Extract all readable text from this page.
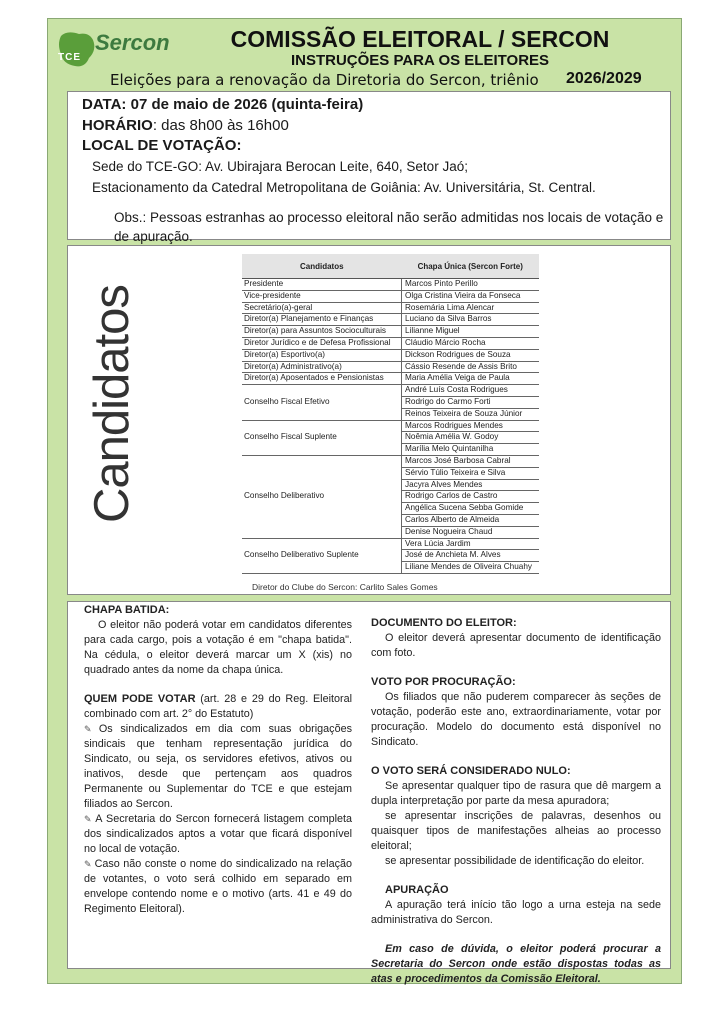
TCE
Sercon	COMISSÃO ELEITORAL / SERCON
INSTRUÇÕES PARA OS ELEITORES
Eleições para a renovação da Diretoria do Sercon, triênio 2026/2029
DATA: 07 de maio de 2026 (quinta-feira)
HORÁRIO: das 8h00 às 16h00
LOCAL DE VOTAÇÃO:
Sede do TCE-GO: Av. Ubirajara Berocan Leite, 640, Setor Jaó;
Estacionamento da Catedral Metropolitana de Goiânia: Av. Universitária, St. Central.
Obs.: Pessoas estranhas ao processo eleitoral não serão admitidas nos locais de votação e de apuração.
Candidatos
Candidatos	Chapa Única (Sercon Forte)
Presidente	Marcos Pinto Perillo
Vice-presidente	Olga Cristina Vieira da Fonseca
Secretário(a)-geral	Rosemária Lima Alencar
Diretor(a) Planejamento e Finanças	Luciano da Silva Barros
Diretor(a) para Assuntos Socioculturais	Lilianne Miguel
Diretor Jurídico e de Defesa Profissional	Cláudio Márcio Rocha
Diretor(a) Esportivo(a)	Dickson Rodrigues de Souza
Diretor(a) Administrativo(a)	Cássio Resende de Assis Brito
Diretor(a) Aposentados e Pensionistas	Maria Amélia Veiga de Paula
Conselho Fiscal Efetivo	André Luís Costa Rodrigues
	Rodrigo do Carmo Forti
	Reinos Teixeira de Souza Júnior
Conselho Fiscal Suplente	Marcos Rodrigues Mendes
	Noêmia Amélia W. Godoy
	Marília Melo Quintanilha
Conselho Deliberativo	Marcos José Barbosa Cabral
	Sérvio Túlio Teixeira e Silva
	Jacyra Alves Mendes
	Rodrigo Carlos de Castro
	Angélica Sucena Sebba Gomide
	Carlos Alberto de Almeida
	Denise Nogueira Chaud
Conselho Deliberativo Suplente	Vera Lúcia Jardim
	José de Anchieta M. Alves
	Liliane Mendes de Oliveira Chuahy
Diretor do Clube do Sercon: Carlito Sales Gomes

CHAPA BATIDA:

O eleitor não poderá votar em candidatos diferentes para cada cargo, pois a votação é em "chapa batida". Na cédula, o eleitor deverá marcar um X (xis) no quadrado antes da nome da chapa única.

QUEM PODE VOTAR (art. 28 e 29 do Reg. Eleitoral combinado com art. 2° do Estatuto)

✎ Os sindicalizados em dia com suas obrigações sindicais que tenham representação jurídica do Sindicato, ou seja, os servidores efetivos, ativos ou inativos, desde que pertençam aos quadros Permanente ou Suplementar do TCE e que estejam filiados ao Sercon.

✎ A Secretaria do Sercon fornecerá listagem completa dos sindicalizados aptos a votar que ficará disponível no local de votação.

✎ Caso não conste o nome do sindicalizado na relação de votantes, o voto será colhido em separado em envelope contendo nome e o motivo (arts. 41 e 49 do Regimento Eleitoral).

DOCUMENTO DO ELEITOR:

O eleitor deverá apresentar documento de identificação com foto.

VOTO POR PROCURAÇÃO:

Os filiados que não puderem comparecer às seções de votação, poderão este ano, extraordinariamente, votar por procuração. Modelo do documento está disponível no Sindicato.

O VOTO SERÁ CONSIDERADO NULO:

Se apresentar qualquer tipo de rasura que dê margem a dupla interpretação por parte da mesa apuradora;

se apresentar inscrições de palavras, desenhos ou quaisquer tipos de manifestações alheias ao processo eleitoral;

se apresentar possibilidade de identificação do eleitor.

APURAÇÃO

A apuração terá início tão logo a urna esteja na sede administrativa do Sercon.

Em caso de dúvida, o eleitor poderá procurar a Secretaria do Sercon onde estão dispostas todas as atas e procedimentos da Comissão Eleitoral.
